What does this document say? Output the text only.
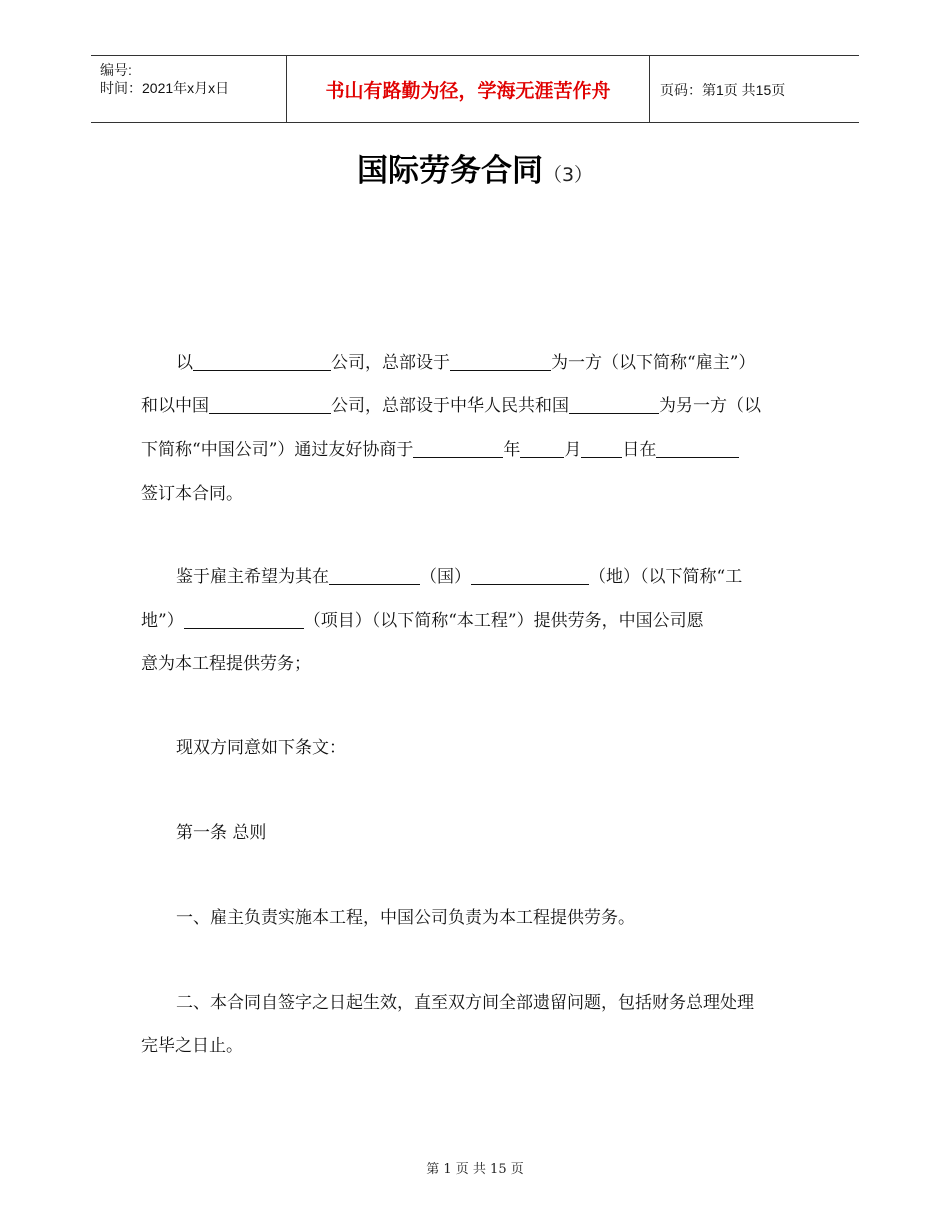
编号:
时间：2021年x月x日	书山有路勤为径，学海无涯苦作舟	页码：第1页 共15页
国际劳务合同（3）
以	公司，总部设于	为一方（以下简称“雇主”）
和以中国	公司，总部设于中华人民共和国	为另一方（以
下简称“中国公司”）通过友好协商于	年	月 日在
签订本合同。
鉴于雇主希望为其在	（国）	（地）（以下简称“工
地”）	（项目）（以下简称“本工程”）提供劳务，中国公司愿
意为本工程提供劳务；
现双方同意如下条文：
第一条 总则
一、雇主负责实施本工程，中国公司负责为本工程提供劳务。
二、本合同自签字之日起生效，直至双方间全部遗留问题，包括财务总理处理
完毕之日止。
第 1 页 共 15 页
